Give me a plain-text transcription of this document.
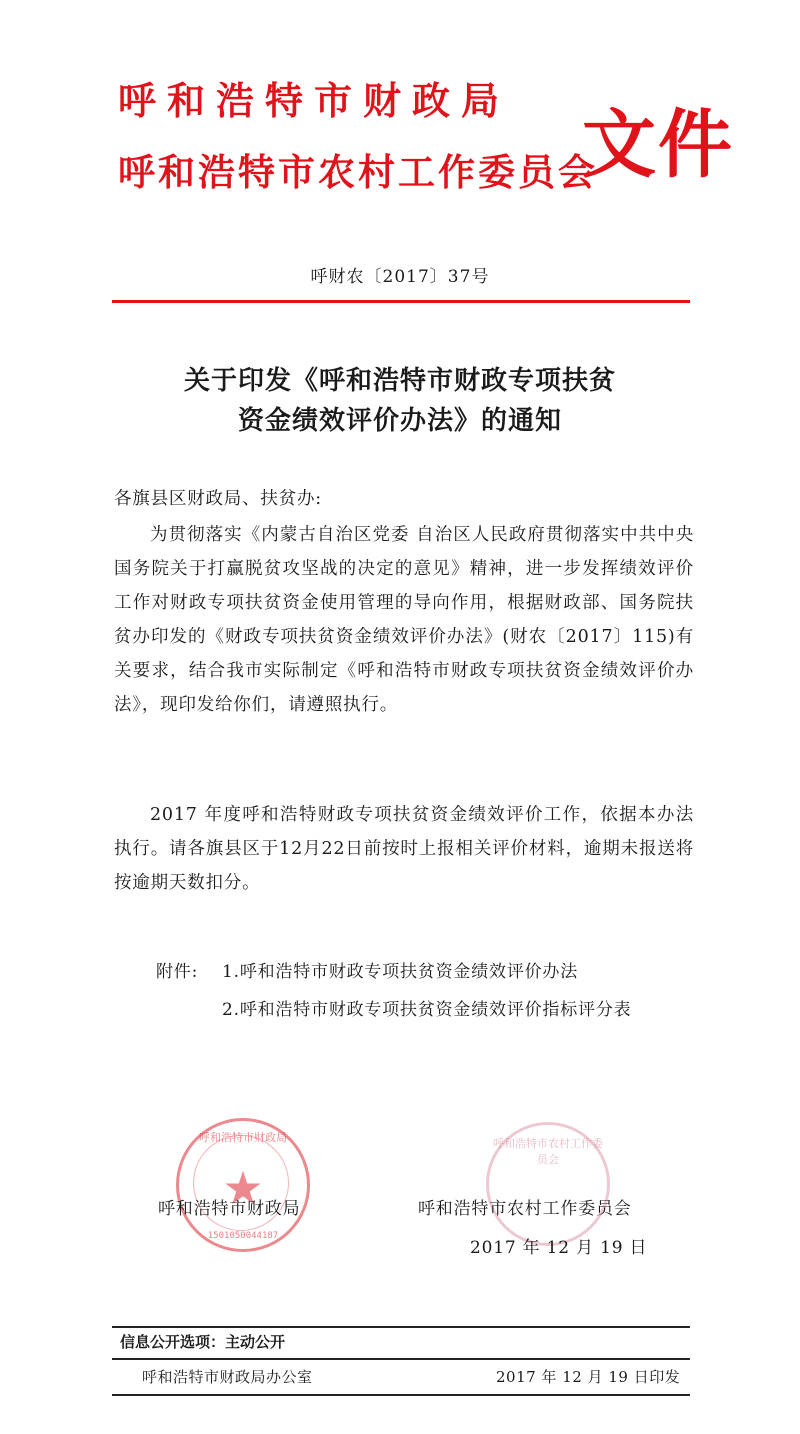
呼和浩特市财政局
呼和浩特市农村工作委员会
文件
呼财农〔2017〕37号
关于印发《呼和浩特市财政专项扶贫
资金绩效评价办法》的通知
各旗县区财政局、扶贫办:
为贯彻落实《内蒙古自治区党委 自治区人民政府贯彻落实中共中央国务院关于打赢脱贫攻坚战的决定的意见》精神，进一步发挥绩效评价工作对财政专项扶贫资金使用管理的导向作用，根据财政部、国务院扶贫办印发的《财政专项扶贫资金绩效评价办法》(财农〔2017〕115)有关要求，结合我市实际制定《呼和浩特市财政专项扶贫资金绩效评价办法》，现印发给你们，请遵照执行。
2017 年度呼和浩特财政专项扶贫资金绩效评价工作，依据本办法执行。请各旗县区于12月22日前按时上报相关评价材料，逾期未报送将按逾期天数扣分。
附件: 1.呼和浩特市财政专项扶贫资金绩效评价办法
2.呼和浩特市财政专项扶贫资金绩效评价指标评分表
呼和浩特市财政局
★
1501050044187
呼和浩特市农村工作委员会
呼和浩特市财政局	呼和浩特市农村工作委员会
2017 年 12 月 19 日
信息公开选项：主动公开
呼和浩特市财政局办公室	2017 年 12 月 19 日印发
